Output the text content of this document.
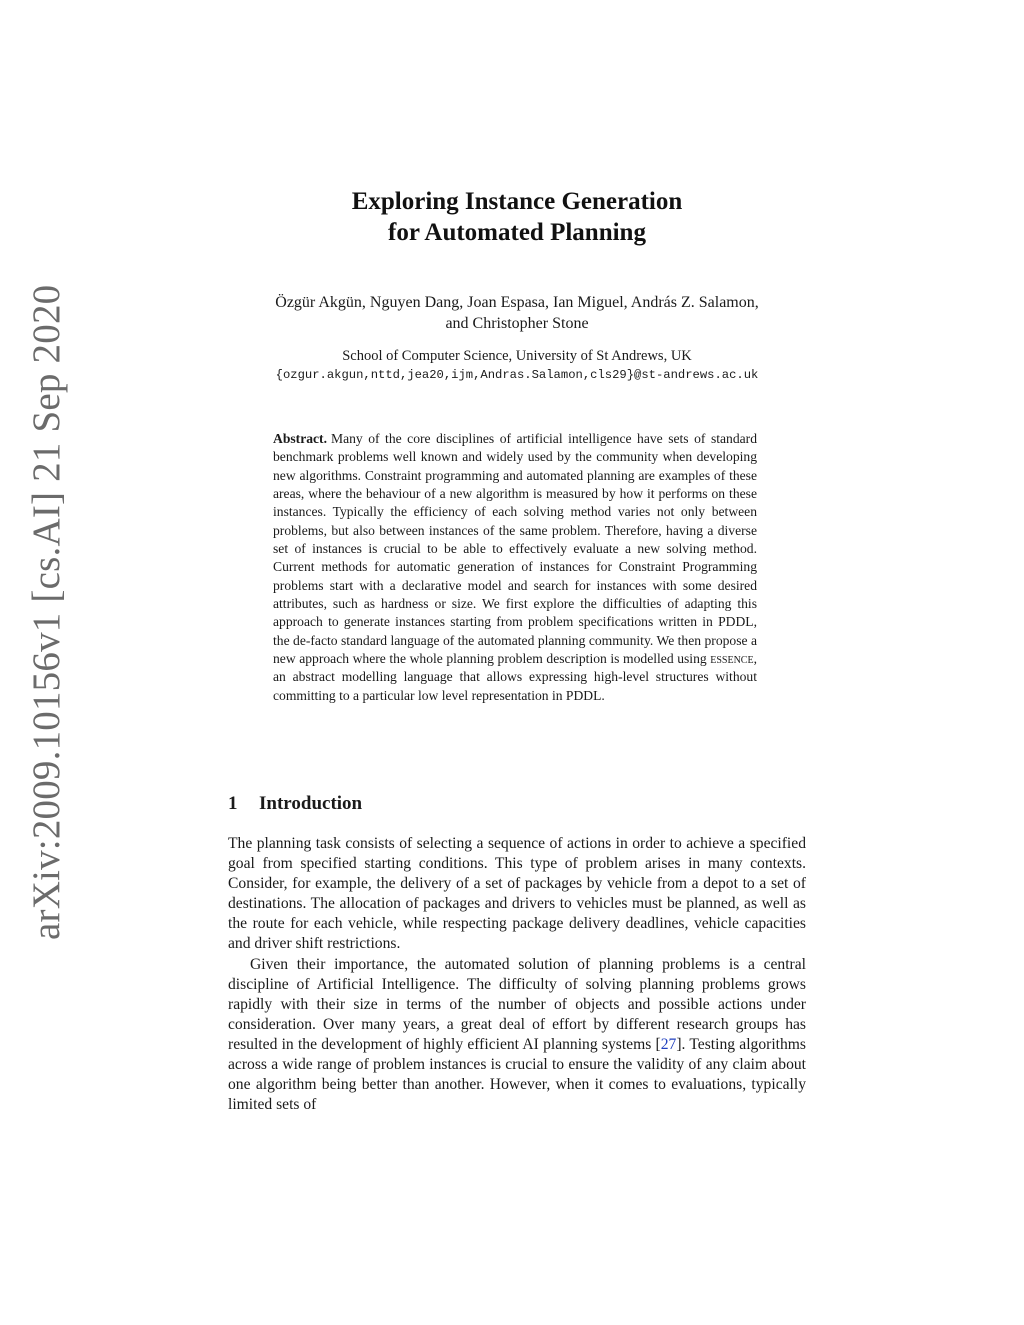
arXiv:2009.10156v1 [cs.AI] 21 Sep 2020
Exploring Instance Generation
for Automated Planning
Özgür Akgün, Nguyen Dang, Joan Espasa, Ian Miguel, András Z. Salamon,
and Christopher Stone
School of Computer Science, University of St Andrews, UK
{ozgur.akgun,nttd,jea20,ijm,Andras.Salamon,cls29}@st-andrews.ac.uk
Abstract. Many of the core disciplines of artificial intelligence have sets of standard benchmark problems well known and widely used by the community when developing new algorithms. Constraint programming and automated planning are examples of these areas, where the behaviour of a new algorithm is measured by how it performs on these instances. Typically the efficiency of each solving method varies not only between problems, but also between instances of the same problem. Therefore, having a diverse set of instances is crucial to be able to effectively evaluate a new solving method. Current methods for automatic generation of instances for Constraint Programming problems start with a declarative model and search for instances with some desired attributes, such as hardness or size. We first explore the difficulties of adapting this approach to generate instances starting from problem specifications written in PDDL, the de-facto standard language of the automated planning community. We then propose a new approach where the whole planning problem description is modelled using essence, an abstract modelling language that allows expressing high-level structures without committing to a particular low level representation in PDDL.
1 Introduction

The planning task consists of selecting a sequence of actions in order to achieve a specified goal from specified starting conditions. This type of problem arises in many contexts. Consider, for example, the delivery of a set of packages by vehicle from a depot to a set of destinations. The allocation of packages and drivers to vehicles must be planned, as well as the route for each vehicle, while respecting package delivery deadlines, vehicle capacities and driver shift restrictions.

Given their importance, the automated solution of planning problems is a central discipline of Artificial Intelligence. The difficulty of solving planning problems grows rapidly with their size in terms of the number of objects and possible actions under consideration. Over many years, a great deal of effort by different research groups has resulted in the development of highly efficient AI planning systems [27]. Testing algorithms across a wide range of problem instances is crucial to ensure the validity of any claim about one algorithm being better than another. However, when it comes to evaluations, typically limited sets of
